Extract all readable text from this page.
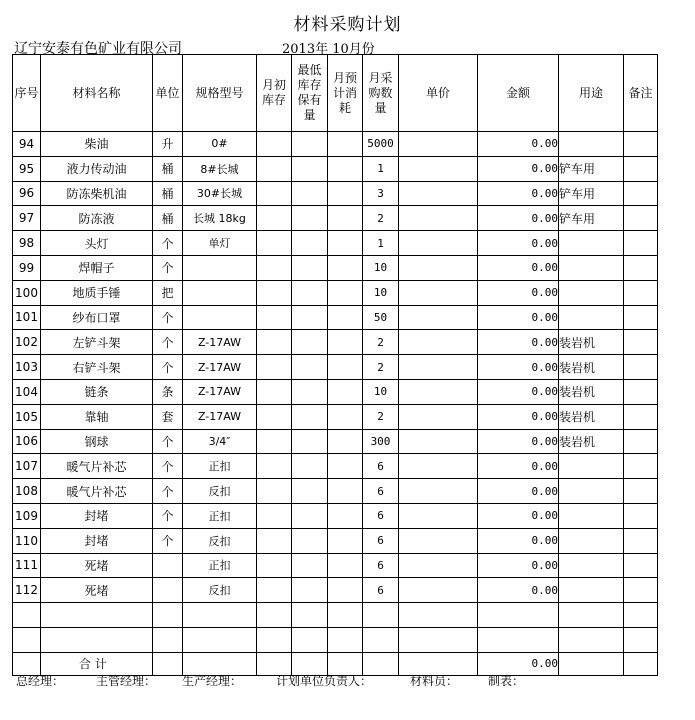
材料采购计划
辽宁安泰有色矿业有限公司	2013年 10月份
序号	材料名称	单位	规格型号	月初库存	最低库存保有量	月预计消耗	月采购数量	单价	金额	用途	备注
94	柴油	升	0#				5000		0.00		
95	液力传动油	桶	8#长城				1		0.00	铲车用	
96	防冻柴机油	桶	30#长城				3		0.00	铲车用	
97	防冻液	桶	长城 18kg				2		0.00	铲车用	
98	头灯	个	单灯				1		0.00		
99	焊帽子	个					10		0.00		
100	地质手锤	把					10		0.00		
101	纱布口罩	个					50		0.00		
102	左铲斗架	个	Z-17AW				2		0.00	装岩机	
103	右铲斗架	个	Z-17AW				2		0.00	装岩机	
104	链条	条	Z-17AW				10		0.00	装岩机	
105	靠轴	套	Z-17AW				2		0.00	装岩机	
106	钢球	个	3/4″				300		0.00	装岩机	
107	暖气片补芯	个	正扣				6		0.00		
108	暖气片补芯	个	反扣				6		0.00		
109	封堵	个	正扣				6		0.00		
110	封堵	个	反扣				6		0.00		
111	死堵		正扣				6		0.00		
112	死堵		反扣				6		0.00		

	合 计								0.00		
总经理：	主管经理： 生产经理：	计划单位负责人：	材料员： 制表：
